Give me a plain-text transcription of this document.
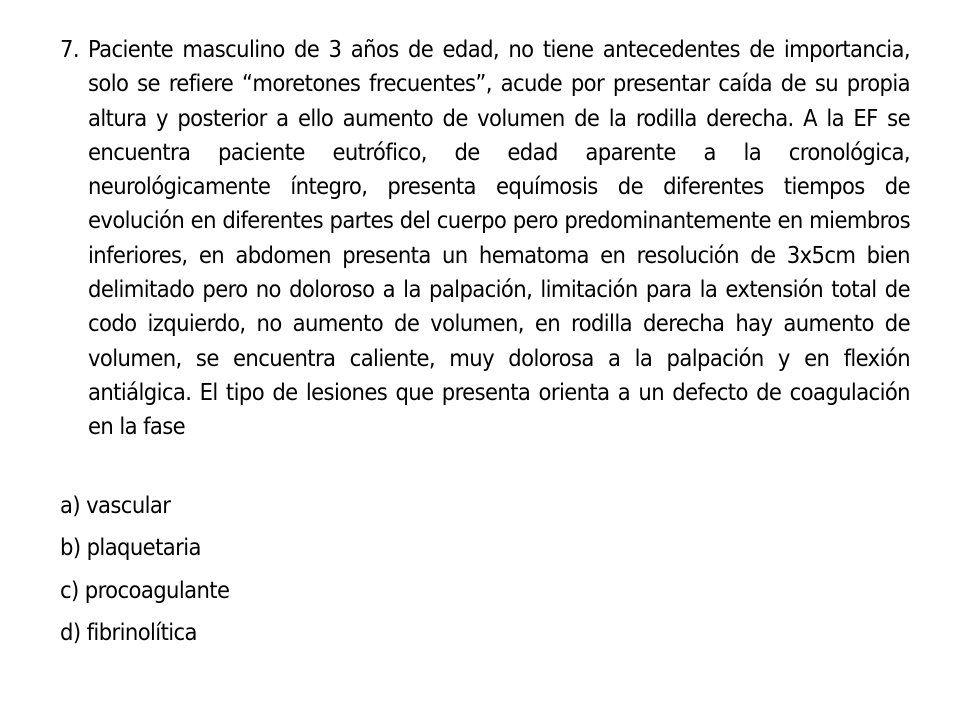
7. Paciente masculino de 3 años de edad, no tiene antecedentes de importancia, solo se refiere “moretones frecuentes”, acude por presentar caída de su propia altura y posterior a ello aumento de volumen de la rodilla derecha. A la EF se encuentra paciente eutrófico, de edad aparente a la cronológica, neurológicamente íntegro, presenta equímosis de diferentes tiempos de evolución en diferentes partes del cuerpo pero predominantemente en miembros inferiores, en abdomen presenta un hematoma en resolución de 3x5cm bien delimitado pero no doloroso a la palpación, limitación para la extensión total de codo izquierdo, no aumento de volumen, en rodilla derecha hay aumento de volumen, se encuentra caliente, muy dolorosa a la palpación y en flexión antiálgica. El tipo de lesiones que presenta orienta a un defecto de coagulación en la fase
a) vascular
b) plaquetaria
c) procoagulante
d) fibrinolítica
